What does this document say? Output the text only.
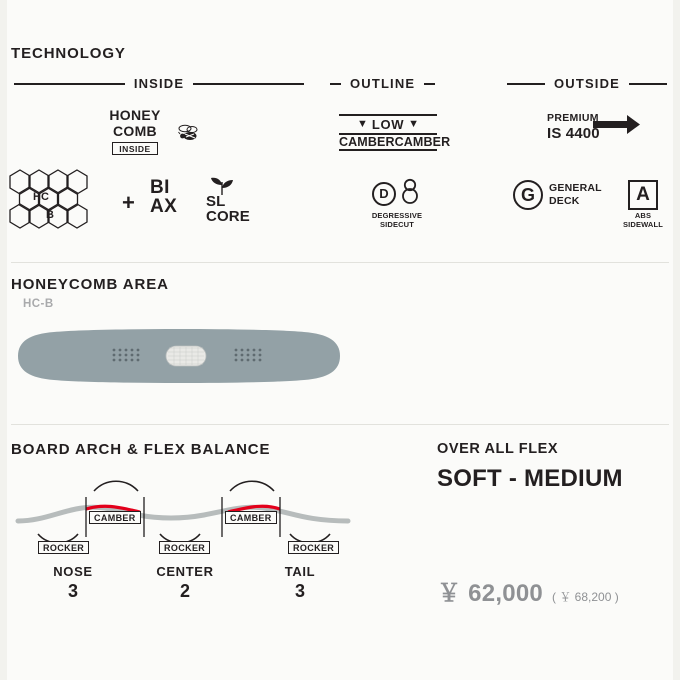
TECHNOLOGY
INSIDE	OUTLINE	OUTSIDE
HONEY
COMB
INSIDE
HC
B	+
BI
AX SL
CORE
▼ LOW ▼
CAMBER CAMBER
D
DEGRESSIVE
SIDECUT
PREMIUM
IS 4400
G	GENERAL
DECK	A
ABS
SIDEWALL
HONEYCOMB AREA
HC-B
BOARD ARCH & FLEX BALANCE
CAMBER	CAMBER
ROCKER	ROCKER	ROCKER
NOSE
3
CENTER
2
TAIL
3
OVER ALL FLEX
SOFT - MEDIUM
￥ 62,000 ( ￥ 68,200 )
